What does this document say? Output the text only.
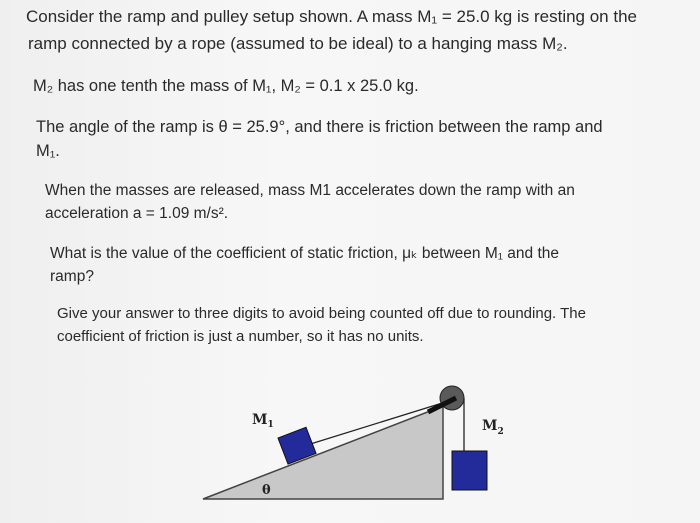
Consider the ramp and pulley setup shown. A mass M₁ = 25.0 kg is resting on the
ramp connected by a rope (assumed to be ideal) to a hanging mass M₂.
M₂ has one tenth the mass of M₁, M₂ = 0.1 x 25.0 kg.
The angle of the ramp is θ = 25.9°, and there is friction between the ramp and
M₁.
When the masses are released, mass M1 accelerates down the ramp with an
acceleration a = 1.09 m/s².
What is the value of the coefficient of static friction, μₖ between M₁ and the
ramp?
Give your answer to three digits to avoid being counted off due to rounding. The
coefficient of friction is just a number, so it has no units.
$M_1$	$M_2$
θ
